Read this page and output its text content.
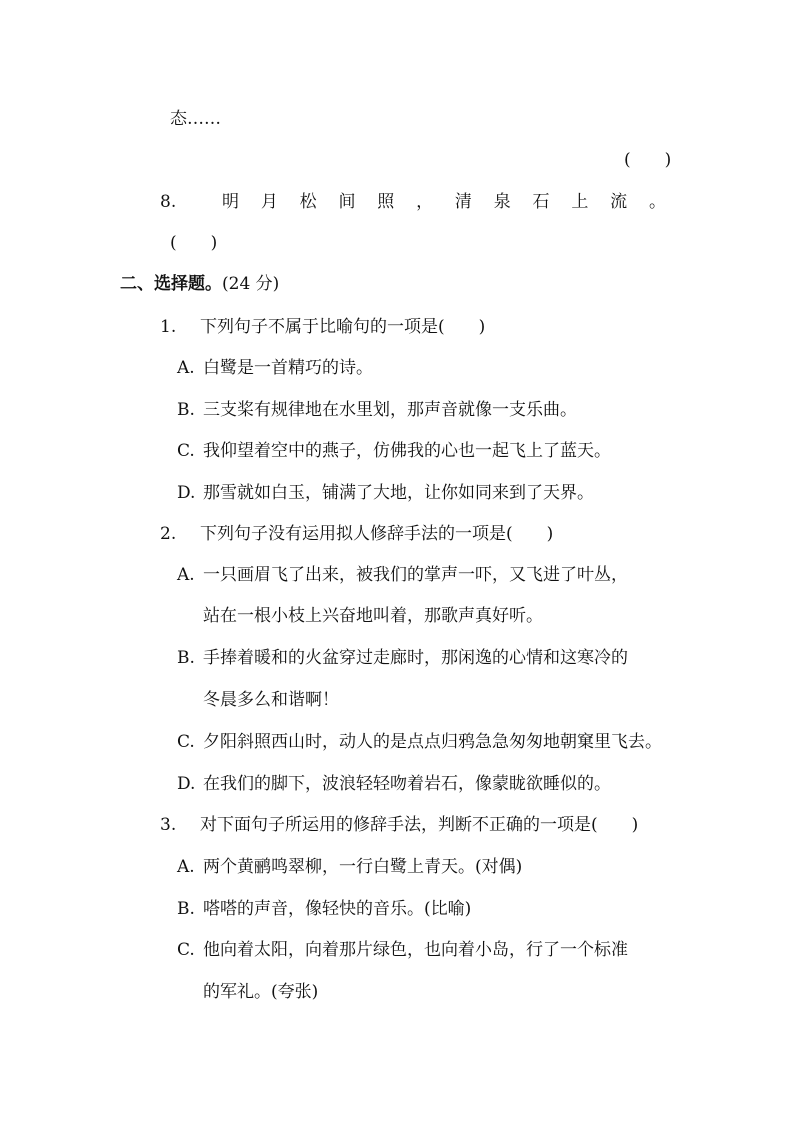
态……
(　　)
8.	明 月 松 间 照 ， 清 泉 石 上 流 。
(　　)
二、选择题。(24 分)
1. 下列句子不属于比喻句的一项是(　　)
A. 白鹭是一首精巧的诗。
B. 三支桨有规律地在水里划，那声音就像一支乐曲。
C. 我仰望着空中的燕子，仿佛我的心也一起飞上了蓝天。
D. 那雪就如白玉，铺满了大地，让你如同来到了天界。
2. 下列句子没有运用拟人修辞手法的一项是(　　)
A. 一只画眉飞了出来，被我们的掌声一吓，又飞进了叶丛，
站在一根小枝上兴奋地叫着，那歌声真好听。
B. 手捧着暖和的火盆穿过走廊时，那闲逸的心情和这寒冷的
冬晨多么和谐啊！
C. 夕阳斜照西山时，动人的是点点归鸦急急匆匆地朝窠里飞去。
D. 在我们的脚下，波浪轻轻吻着岩石，像蒙眬欲睡似的。
3. 对下面句子所运用的修辞手法，判断不正确的一项是(　　)
A. 两个黄鹂鸣翠柳，一行白鹭上青天。(对偶)
B. 嗒嗒的声音，像轻快的音乐。(比喻)
C. 他向着太阳，向着那片绿色，也向着小岛，行了一个标准
的军礼。(夸张)
